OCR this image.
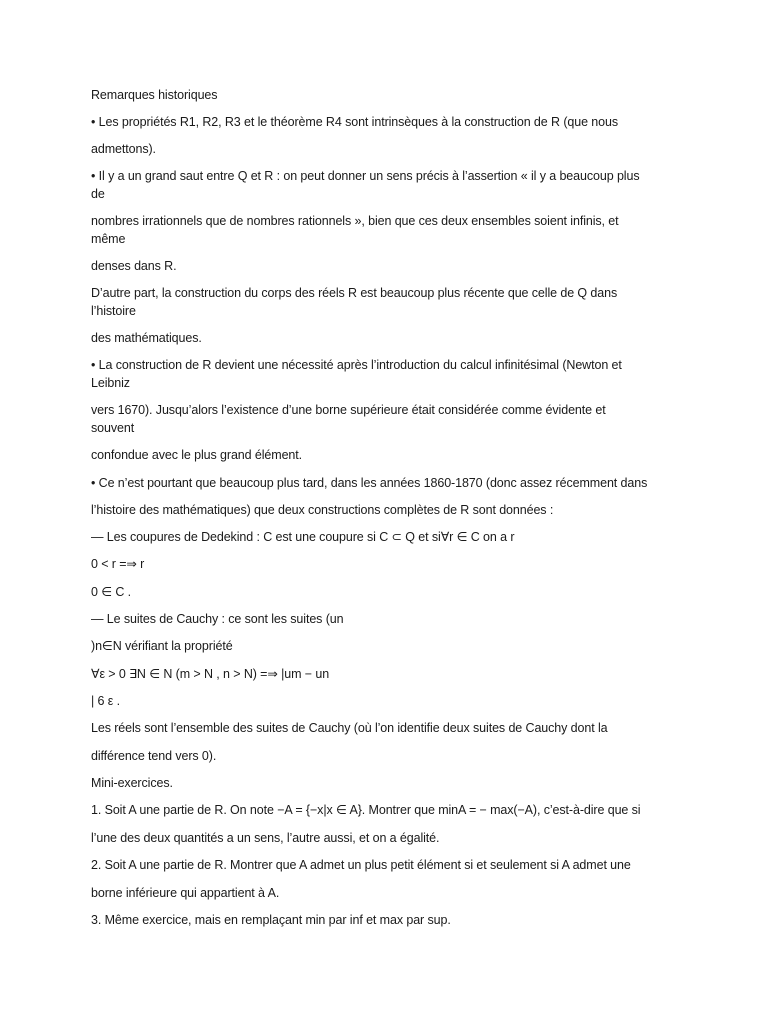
Remarques historiques

• Les propriétés R1, R2, R3 et le théorème R4 sont intrinsèques à la construction de R (que nous

admettons).

• Il y a un grand saut entre Q et R : on peut donner un sens précis à l’assertion « il y a beaucoup plus

de

nombres irrationnels que de nombres rationnels », bien que ces deux ensembles soient infinis, et

même

denses dans R.

D’autre part, la construction du corps des réels R est beaucoup plus récente que celle de Q dans

l’histoire

des mathématiques.

• La construction de R devient une nécessité après l’introduction du calcul infinitésimal (Newton et

Leibniz

vers 1670). Jusqu’alors l’existence d’une borne supérieure était considérée comme évidente et

souvent

confondue avec le plus grand élément.

• Ce n’est pourtant que beaucoup plus tard, dans les années 1860-1870 (donc assez récemment dans

l’histoire des mathématiques) que deux constructions complètes de R sont données :

— Les coupures de Dedekind : C est une coupure si C ⊂ Q et si∀r ∈ C on a r

0 < r =⇒ r

0 ∈ C .

— Le suites de Cauchy : ce sont les suites (un

)n∈N vérifiant la propriété

∀ε > 0 ∃N ∈ N (m > N , n > N) =⇒ |um − un

| 6 ε .

Les réels sont l’ensemble des suites de Cauchy (où l’on identifie deux suites de Cauchy dont la

différence tend vers 0).

Mini-exercices.

1. Soit A une partie de R. On note −A = {−x|x ∈ A}. Montrer que minA = − max(−A), c’est-à-dire que si

l’une des deux quantités a un sens, l’autre aussi, et on a égalité.

2. Soit A une partie de R. Montrer que A admet un plus petit élément si et seulement si A admet une

borne inférieure qui appartient à A.

3. Même exercice, mais en remplaçant min par inf et max par sup.
